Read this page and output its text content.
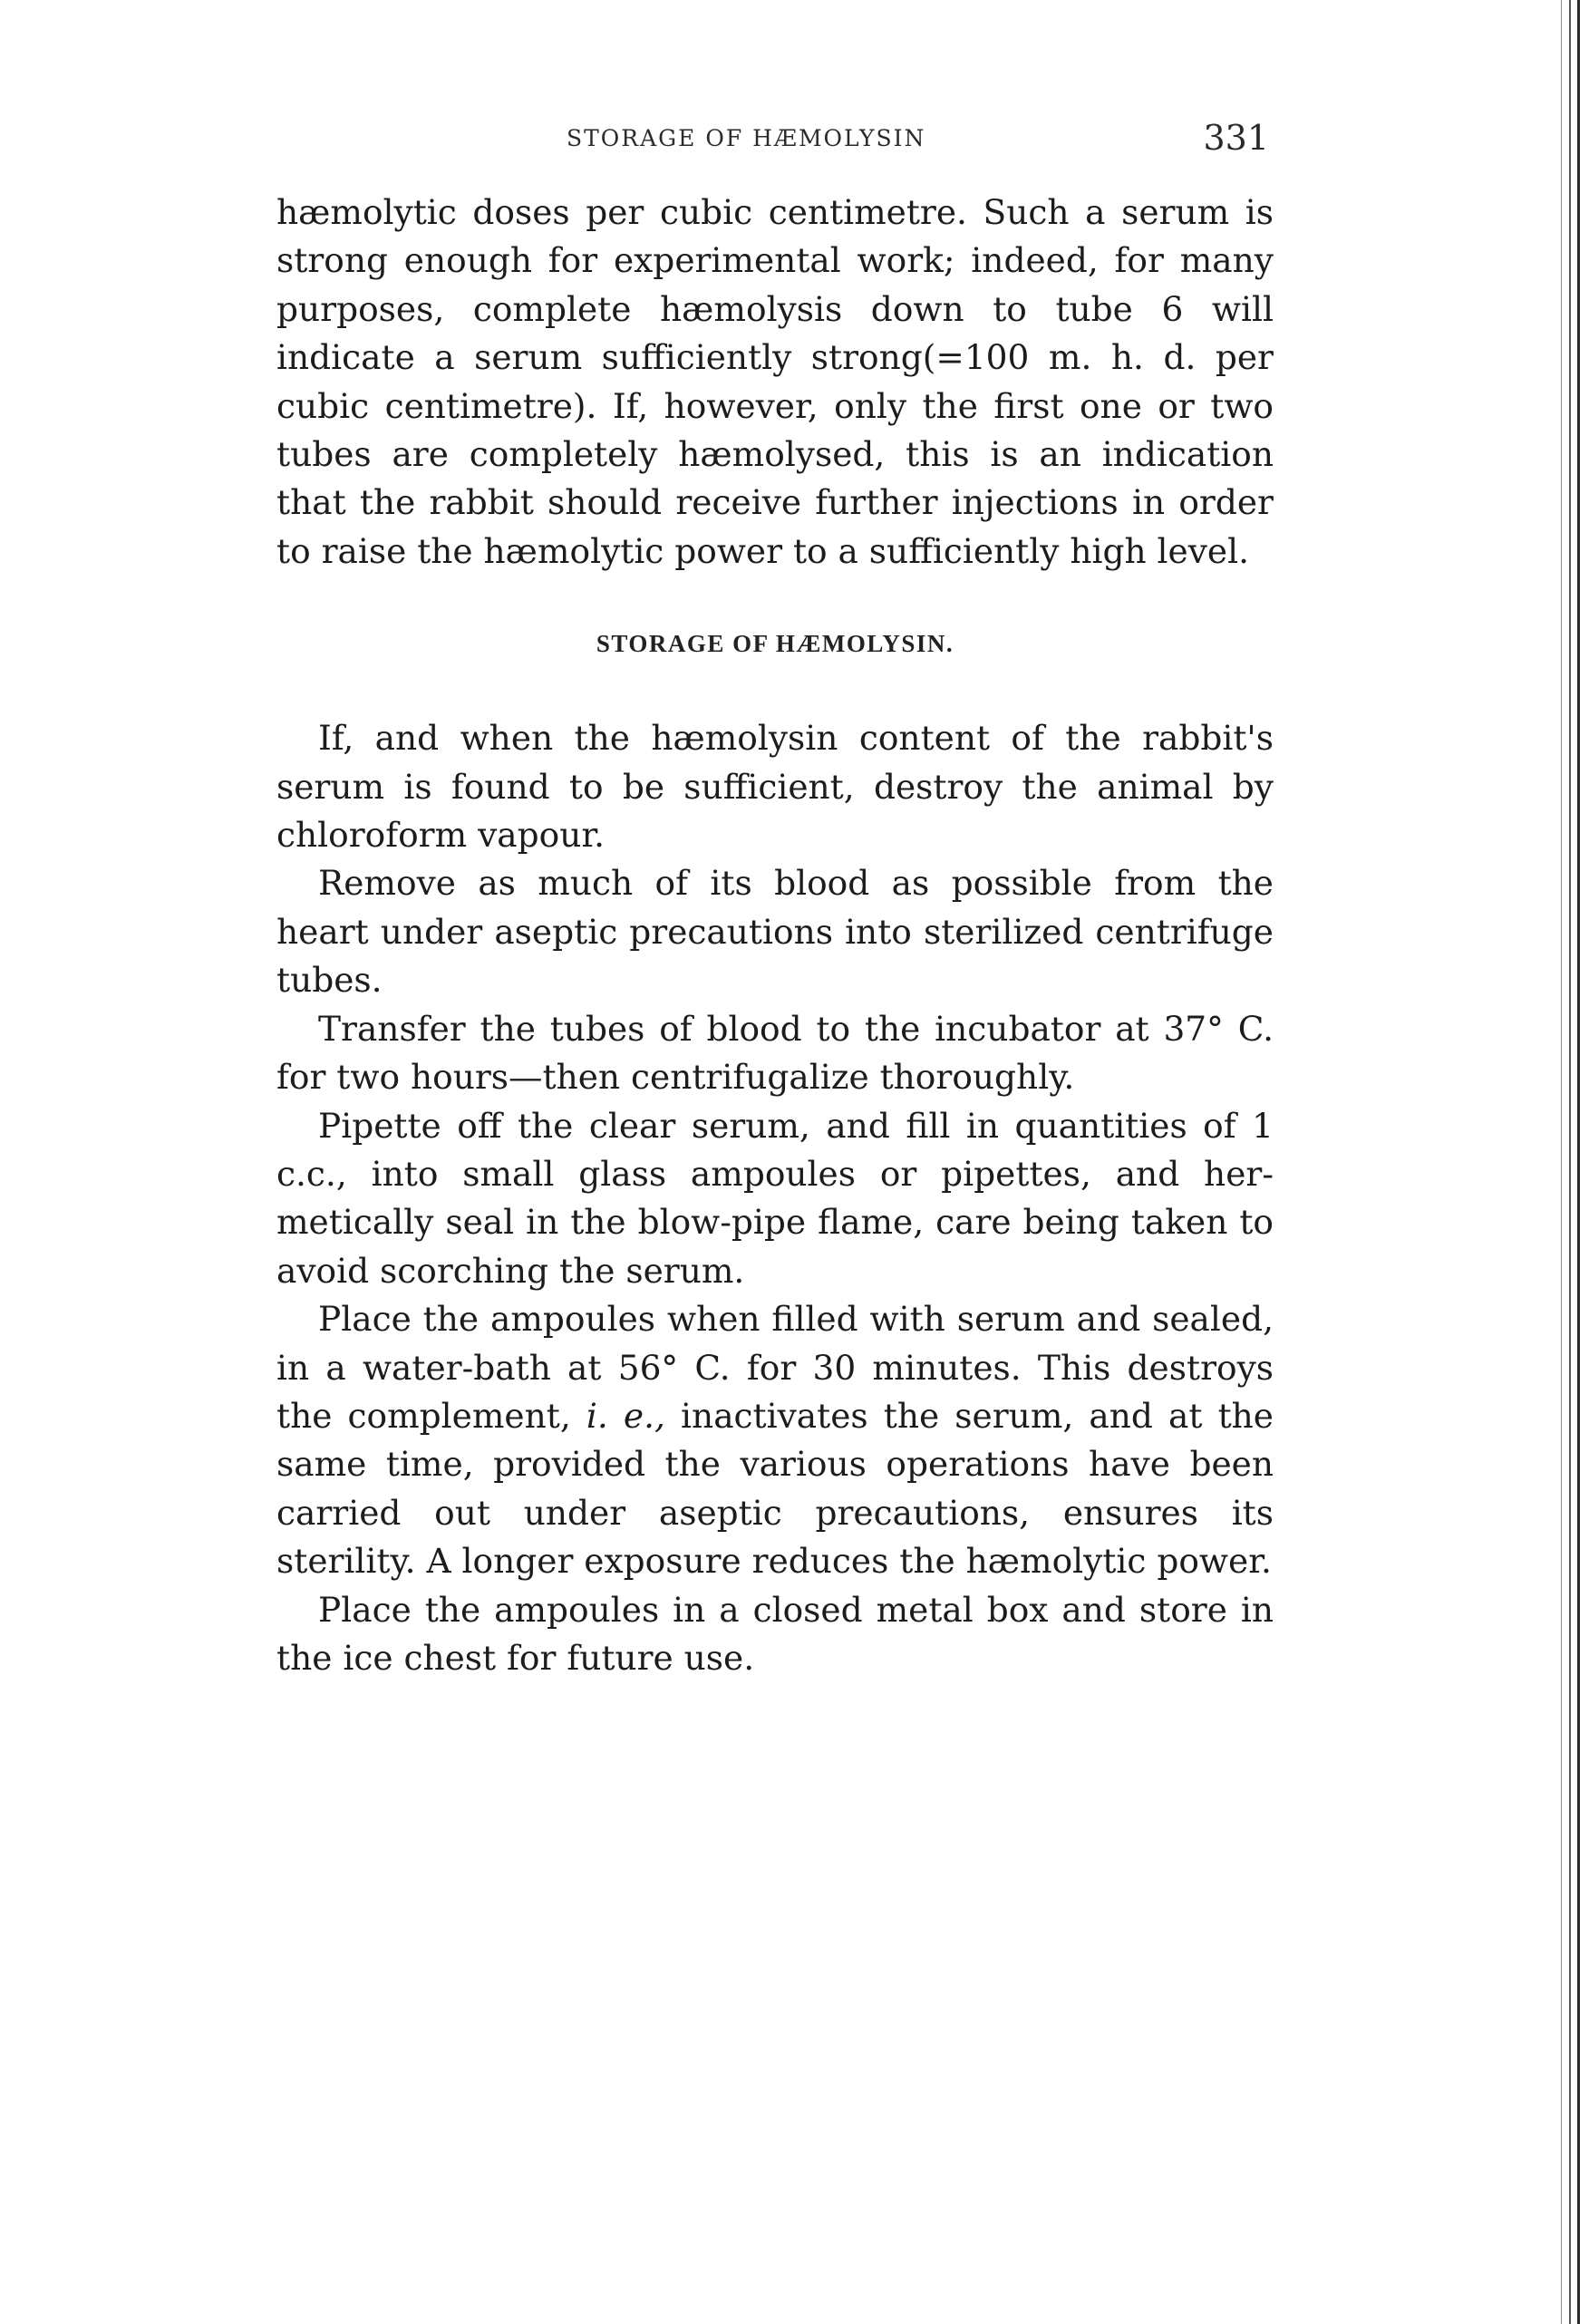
STORAGE OF HÆMOLYSIN	331

hæmolytic doses per cubic centimetre. Such a serum is strong enough for experimental work; indeed, for many purposes, complete hæmolysis down to tube 6 will indicate a serum sufficiently strong(=100 m. h. d. per cubic centimetre). If, however, only the first one or two tubes are completely hæmolysed, this is an indication that the rabbit should receive further injections in order to raise the hæmolytic power to a sufficiently high level.

STORAGE OF HÆMOLYSIN.

If, and when the hæmolysin content of the rabbit's serum is found to be sufficient, destroy the animal by chloroform vapour.

Remove as much of its blood as possible from the heart under aseptic precautions into sterilized centrifuge tubes.

Transfer the tubes of blood to the incubator at 37° C. for two hours—then centrifugalize thoroughly.

Pipette off the clear serum, and fill in quantities of 1 c.c., into small glass ampoules or pipettes, and hermetically seal in the blow-pipe flame, care being taken to avoid scorching the serum.

Place the ampoules when filled with serum and sealed, in a water-bath at 56° C. for 30 minutes. This destroys the complement, i. e., inactivates the serum, and at the same time, provided the various operations have been carried out under aseptic precautions, ensures its sterility. A longer exposure reduces the hæmolytic power.

Place the ampoules in a closed metal box and store in the ice chest for future use.
